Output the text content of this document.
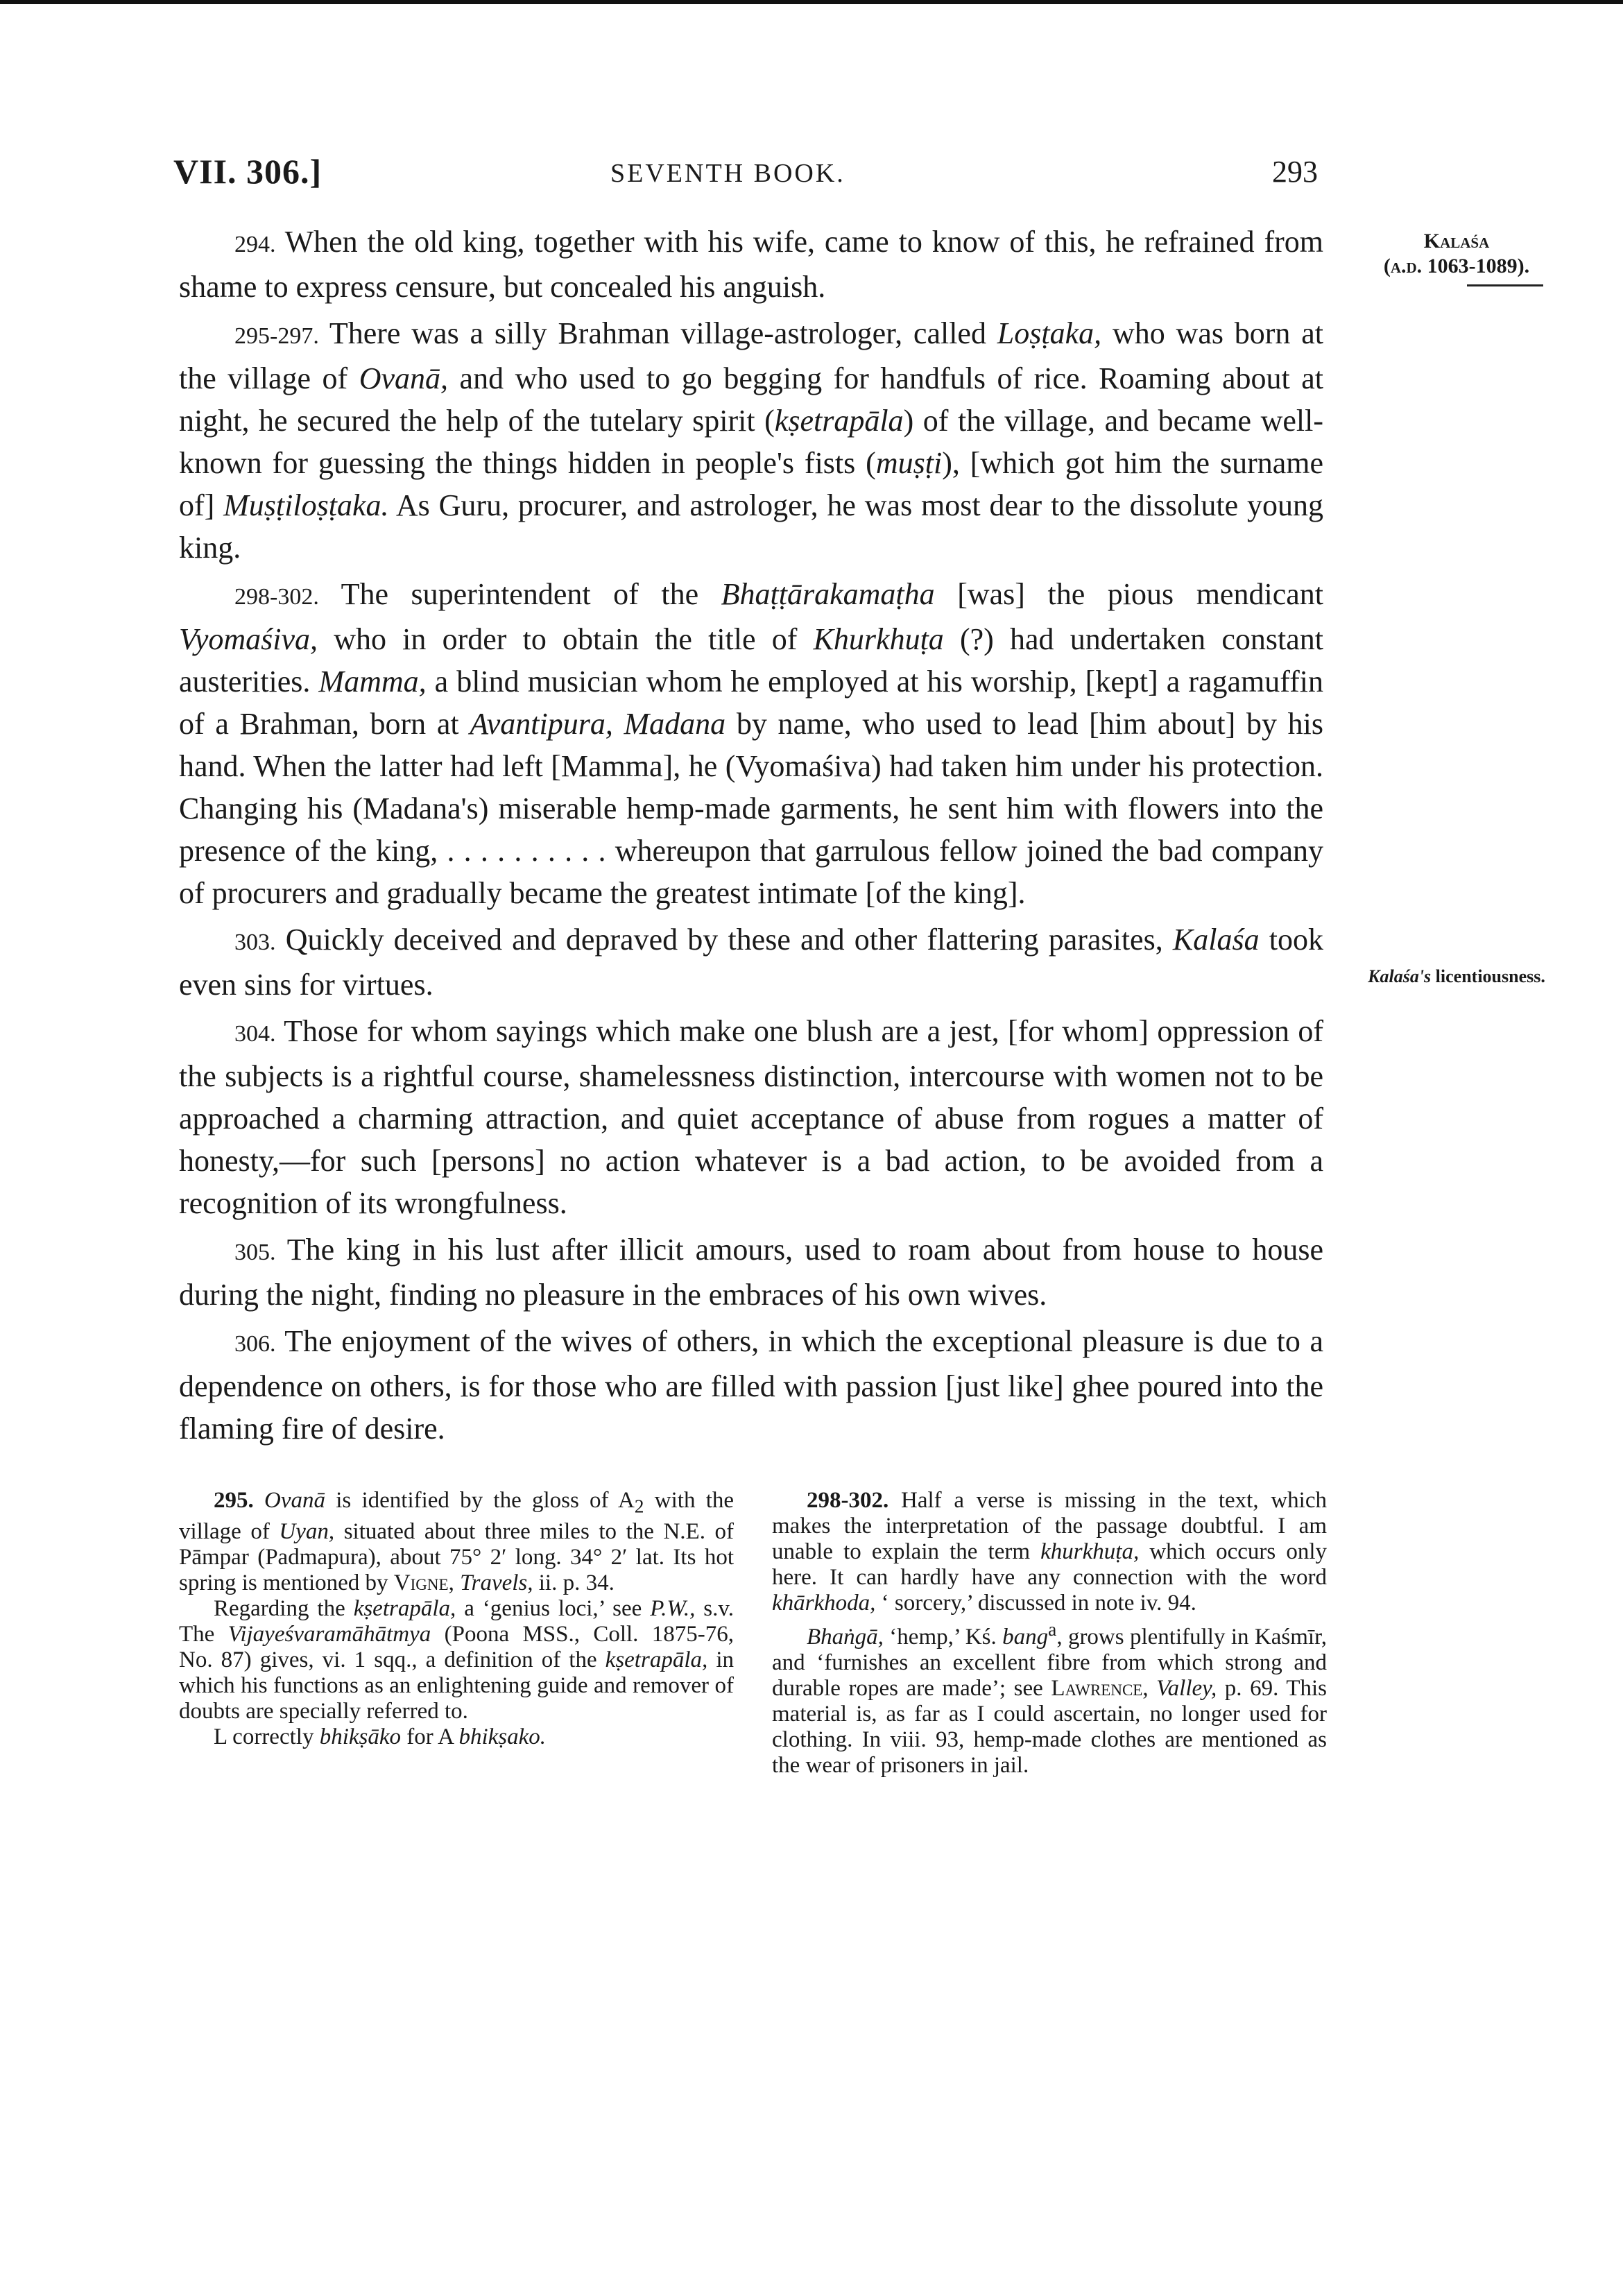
VII. 306.]	SEVENTH BOOK.	293
Kalaśa
(a.d. 1063-1089).
Kalaśa's licentiousness.

294. When the old king, together with his wife, came to know of this, he refrained from shame to express censure, but concealed his anguish.

295-297. There was a silly Brahman village-astrologer, called Loṣṭaka, who was born at the village of Ovanā, and who used to go begging for handfuls of rice. Roaming about at night, he secured the help of the tutelary spirit (kṣetrapāla) of the village, and became well-known for guessing the things hidden in people's fists (muṣṭi), [which got him the surname of] Muṣṭiloṣṭaka. As Guru, procurer, and astrologer, he was most dear to the dissolute young king.

298-302. The superintendent of the Bhaṭṭārakamaṭha [was] the pious mendicant Vyomaśiva, who in order to obtain the title of Khurkhuṭa (?) had undertaken constant austerities. Mamma, a blind musician whom he employed at his worship, [kept] a ragamuffin of a Brahman, born at Avantipura, Madana by name, who used to lead [him about] by his hand. When the latter had left [Mamma], he (Vyomaśiva) had taken him under his protection. Changing his (Madana's) miserable hemp-made garments, he sent him with flowers into the presence of the king, . . . . . . . . . . whereupon that garrulous fellow joined the bad company of procurers and gradually became the greatest intimate [of the king].

303. Quickly deceived and depraved by these and other flattering parasites, Kalaśa took even sins for virtues.

304. Those for whom sayings which make one blush are a jest, [for whom] oppression of the subjects is a rightful course, shamelessness distinction, intercourse with women not to be approached a charming attraction, and quiet acceptance of abuse from rogues a matter of honesty,—for such [persons] no action whatever is a bad action, to be avoided from a recognition of its wrongfulness.

305. The king in his lust after illicit amours, used to roam about from house to house during the night, finding no pleasure in the embraces of his own wives.

306. The enjoyment of the wives of others, in which the exceptional pleasure is due to a dependence on others, is for those who are filled with passion [just like] ghee poured into the flaming fire of desire.

295. Ovanā is identified by the gloss of $A_2$ with the village of Uyan, situated about three miles to the N.E. of Pāmpar (Padmapura), about 75° 2′ long. 34° 2′ lat. Its hot spring is mentioned by Vigne, Travels, ii. p. 34.

Regarding the kṣetrapāla, a ‘genius loci,’ see P.W., s.v. The Vijayeśvaramāhātmya (Poona MSS., Coll. 1875-76, No. 87) gives, vi. 1 sqq., a definition of the kṣetrapāla, in which his functions as an enlightening guide and remover of doubts are specially referred to.

L correctly bhikṣāko for A bhikṣako.

298-302. Half a verse is missing in the text, which makes the interpretation of the passage doubtful. I am unable to explain the term khurkhuṭa, which occurs only here. It can hardly have any connection with the word khārkhoda, ‘ sorcery,’ discussed in note iv. 94.

Bhaṅgā, ‘hemp,’ Kś. bang$^a$, grows plentifully in Kaśmīr, and ‘furnishes an excellent fibre from which strong and durable ropes are made’; see Lawrence, Valley, p. 69. This material is, as far as I could ascertain, no longer used for clothing. In viii. 93, hemp-made clothes are mentioned as the wear of prisoners in jail.
